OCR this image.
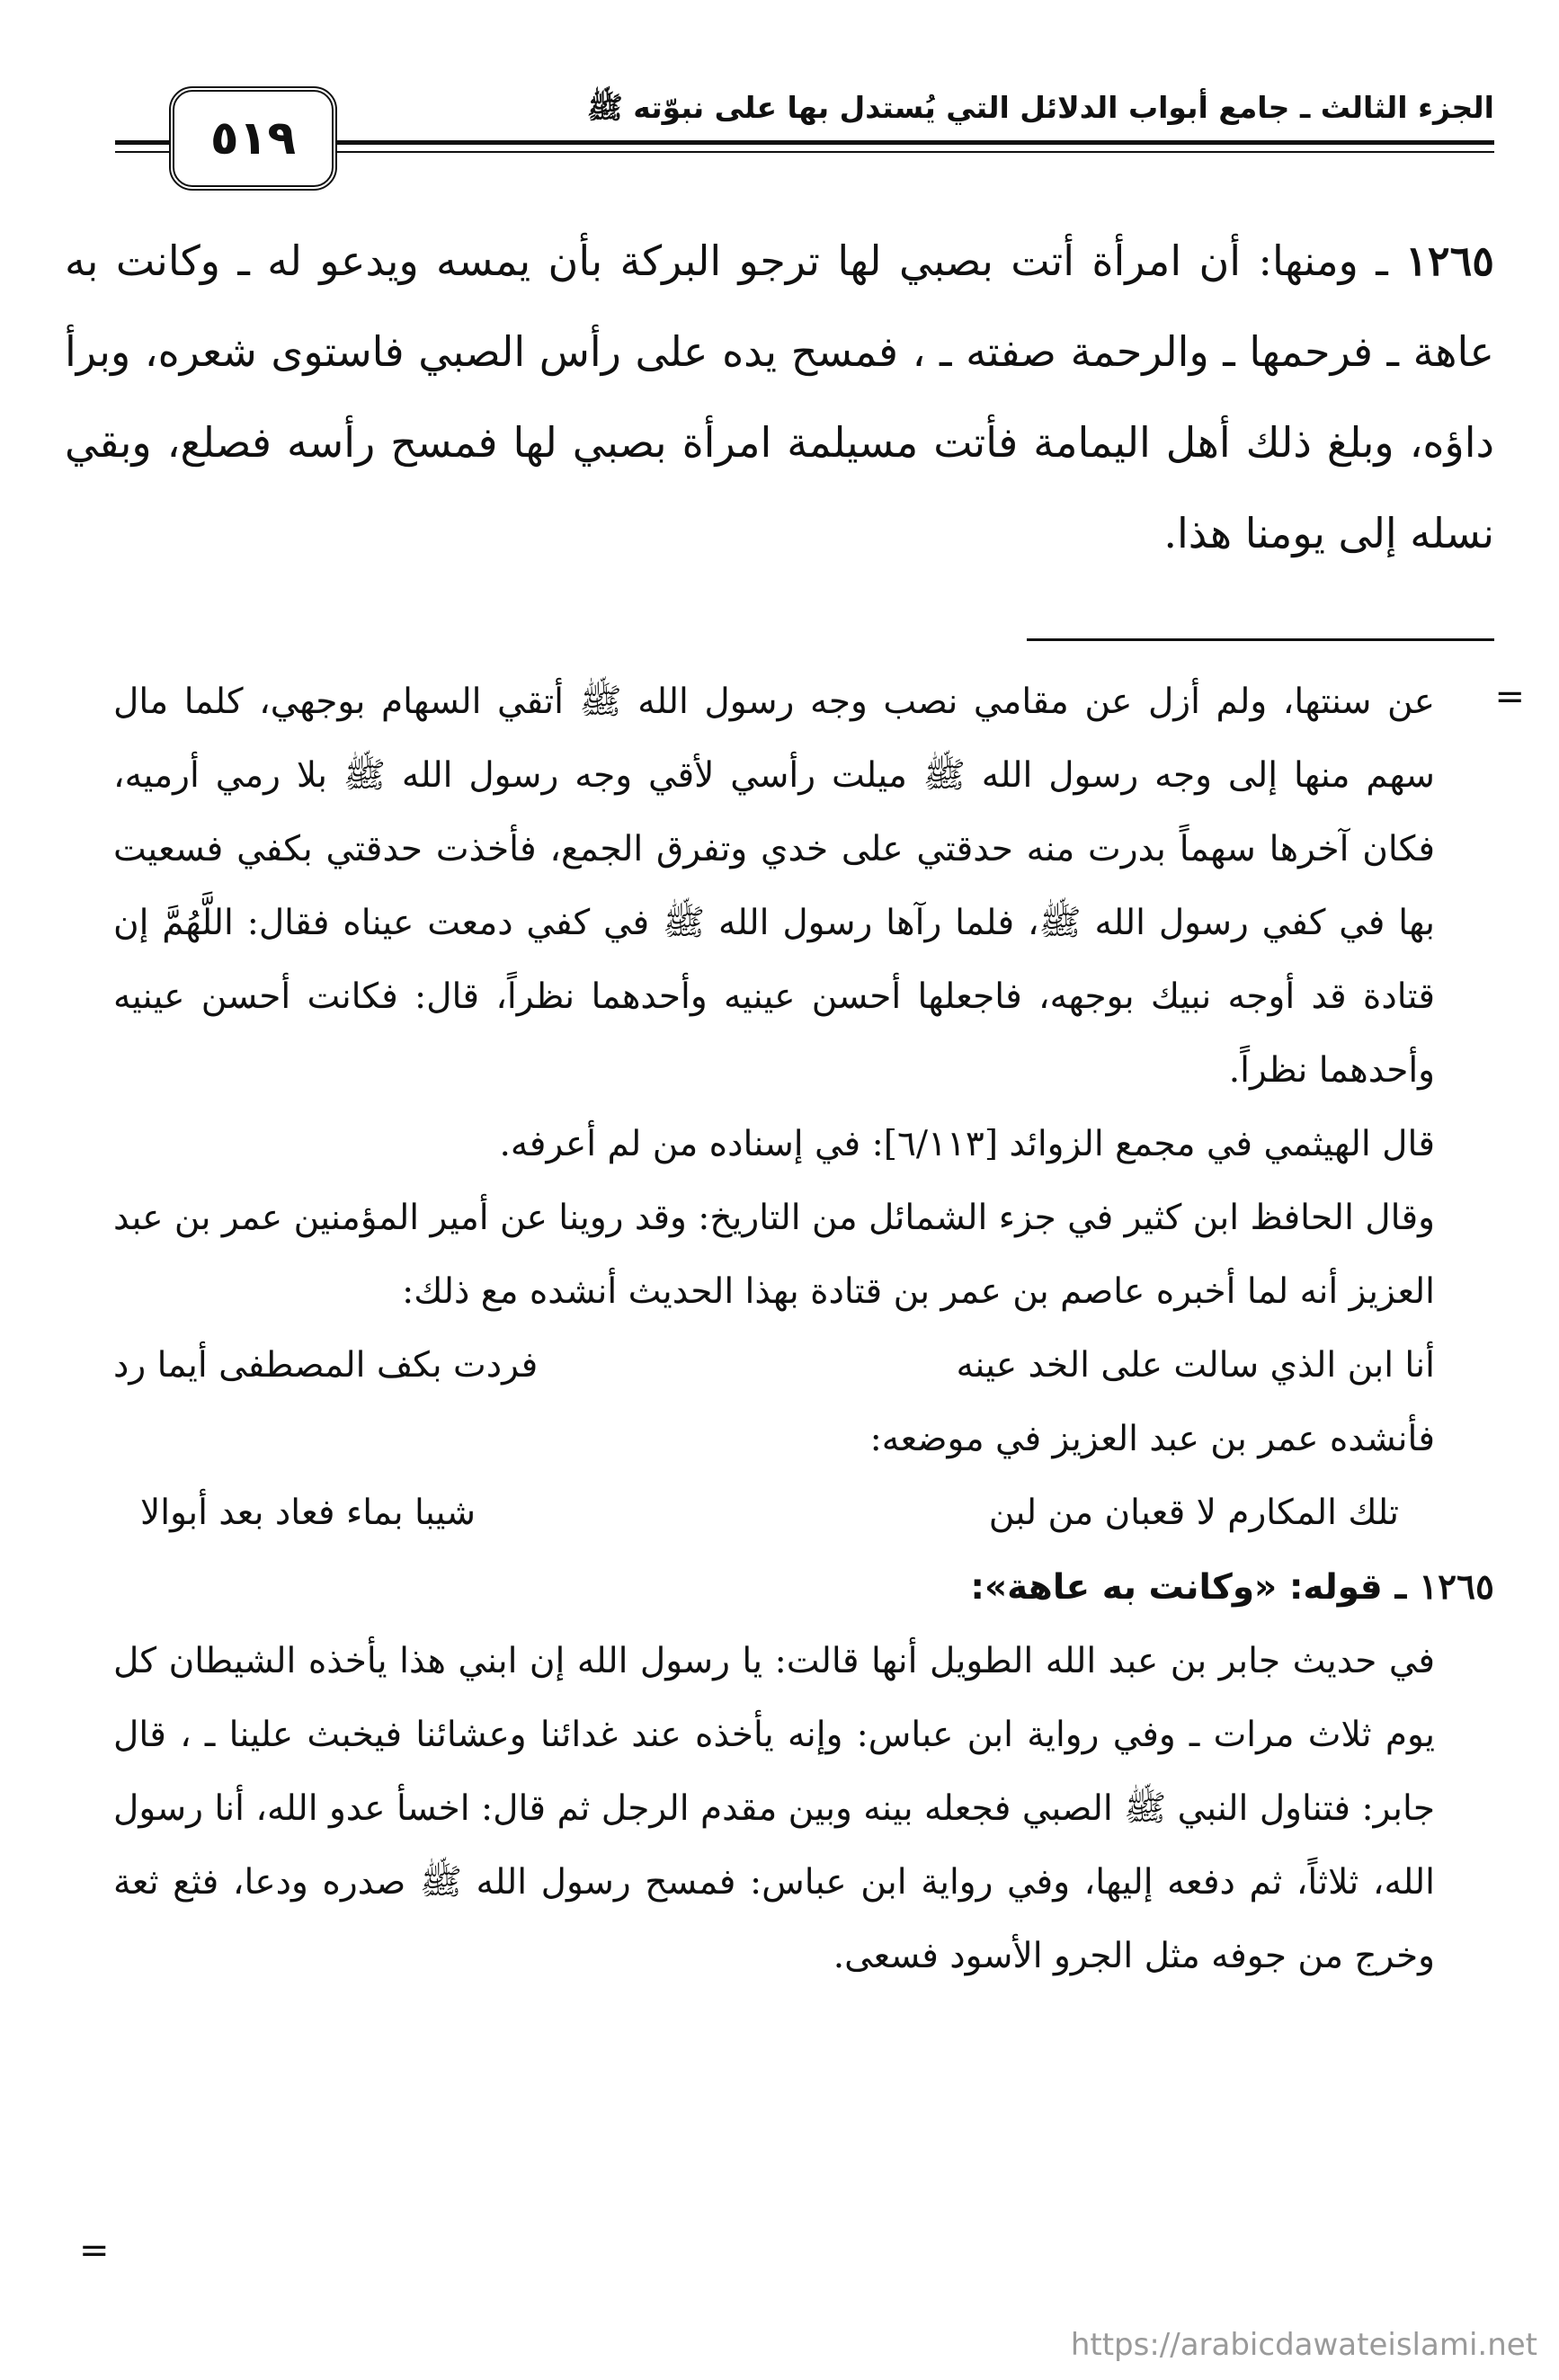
الجزء الثالث ـ جامع أبواب الدلائل التي يُستدل بها على نبوّته ﷺ
٥١٩

١٢٦٥ ـ ومنها: أن امرأة أتت بصبي لها ترجو البركة بأن يمسه ويدعو له ـ وكانت به عاهة ـ فرحمها ـ والرحمة صفته ـ ، فمسح يده على رأس الصبي فاستوى شعره، وبرأ داؤه، وبلغ ذلك أهل اليمامة فأتت مسيلمة امرأة بصبي لها فمسح رأسه فصلع، وبقي نسله إلى يومنا هذا.

=

عن سنتها، ولم أزل عن مقامي نصب وجه رسول الله ﷺ أتقي السهام بوجهي، كلما مال سهم منها إلى وجه رسول الله ﷺ ميلت رأسي لأقي وجه رسول الله ﷺ بلا رمي أرميه، فكان آخرها سهماً بدرت منه حدقتي على خدي وتفرق الجمع، فأخذت حدقتي بكفي فسعيت بها في كفي رسول الله ﷺ، فلما رآها رسول الله ﷺ في كفي دمعت عيناه فقال: اللَّهُمَّ إن قتادة قد أوجه نبيك بوجهه، فاجعلها أحسن عينيه وأحدهما نظراً، قال: فكانت أحسن عينيه وأحدهما نظراً.

قال الهيثمي في مجمع الزوائد [٦/١١٣]: في إسناده من لم أعرفه.

وقال الحافظ ابن كثير في جزء الشمائل من التاريخ: وقد روينا عن أمير المؤمنين عمر بن عبد العزيز أنه لما أخبره عاصم بن عمر بن قتادة بهذا الحديث أنشده مع ذلك:

أنا ابن الذي سالت على الخد عينه
فردت بكف المصطفى أيما رد

فأنشده عمر بن عبد العزيز في موضعه:

تلك المكارم لا قعبان من لبن
شيبا بماء فعاد بعد أبوالا

١٢٦٥ ـ قوله: «وكانت به عاهة»:

في حديث جابر بن عبد الله الطويل أنها قالت: يا رسول الله إن ابني هذا يأخذه الشيطان كل يوم ثلاث مرات ـ وفي رواية ابن عباس: وإنه يأخذه عند غدائنا وعشائنا فيخبث علينا ـ ، قال جابر: فتناول النبي ﷺ الصبي فجعله بينه وبين مقدم الرجل ثم قال: اخسأ عدو الله، أنا رسول الله، ثلاثاً، ثم دفعه إليها، وفي رواية ابن عباس: فمسح رسول الله ﷺ صدره ودعا، فثع ثعة وخرج من جوفه مثل الجرو الأسود فسعى.

=
https://arabicdawateislami.net
